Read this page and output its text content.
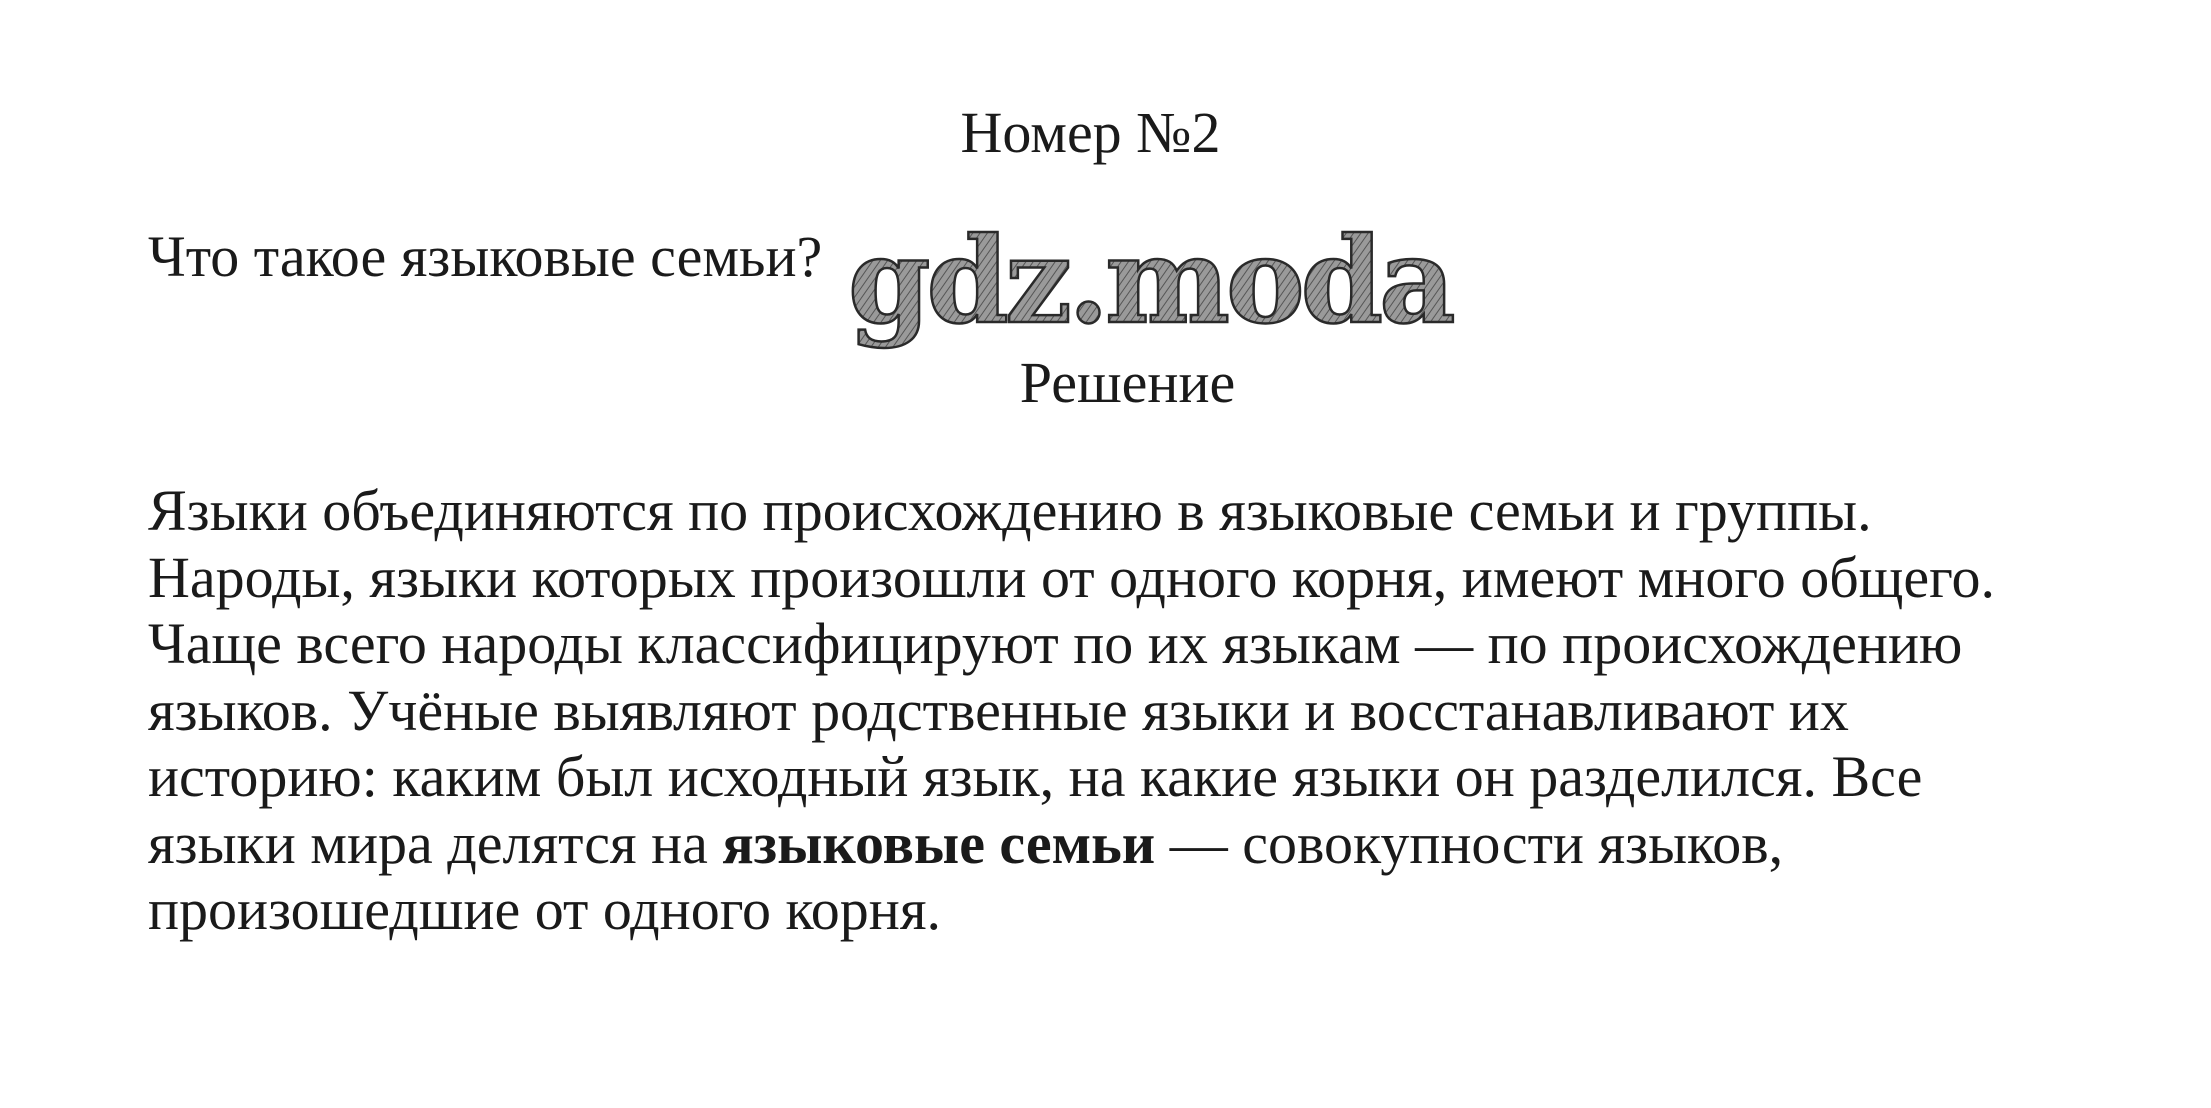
Номер №2
Что такое языковые семьи? gdz.moda
Решение
Языки объединяются по происхождению в языковые семьи и группы.
Народы, языки которых произошли от одного корня, имеют много общего.
Чаще всего народы классифицируют по их языкам — по происхождению
языков. Учёные выявляют родственные языки и восстанавливают их
историю: каким был исходный язык, на какие языки он разделился. Все
языки мира делятся на языковые семьи — совокупности языков,
произошедшие от одного корня.
